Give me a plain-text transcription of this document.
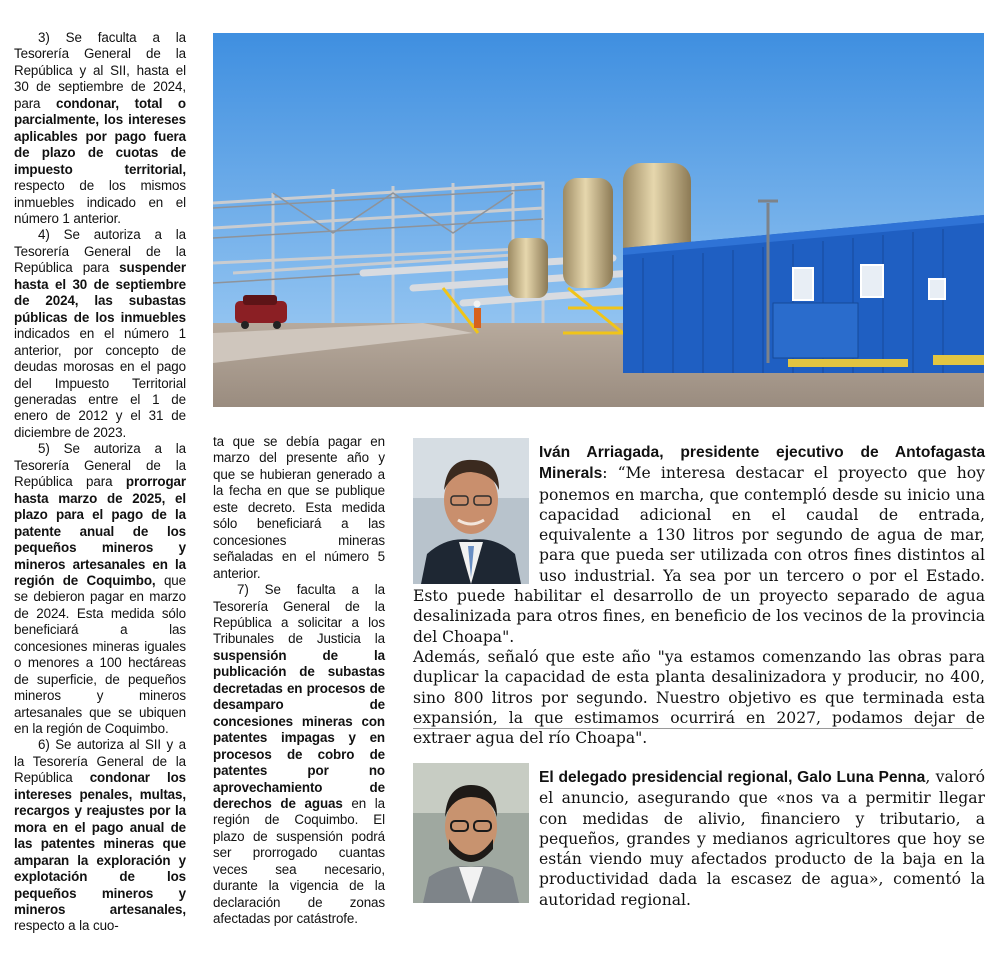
3) Se faculta a la Tesorería General de la República y al SII, hasta el 30 de septiembre de 2024, para condonar, total o parcialmente, los intereses aplicables por pago fuera de plazo de cuotas de impuesto territorial, respecto de los mismos inmuebles indicado en el número 1 anterior.

4) Se autoriza a la Tesorería General de la República para suspender hasta el 30 de septiembre de 2024, las subastas públicas de los inmuebles indicados en el número 1 anterior, por concepto de deudas morosas en el pago del Impuesto Territorial generadas entre el 1 de enero de 2012 y el 31 de diciembre de 2023.

5) Se autoriza a la Tesorería General de la República para prorrogar hasta marzo de 2025, el plazo para el pago de la patente anual de los pequeños mineros y mineros artesanales en la región de Coquimbo, que se debieron pagar en marzo de 2024. Esta medida sólo beneficiará a las concesiones mineras iguales o menores a 100 hectáreas de superficie, de pequeños mineros y mineros artesanales que se ubiquen en la región de Coquimbo.

6) Se autoriza al SII y a la Tesorería General de la República condonar los intereses penales, multas, recargos y reajustes por la mora en el pago anual de las patentes mineras que amparan la exploración y explotación de los pequeños mineros y mineros artesanales, respecto a la cuo-

ta que se debía pagar en marzo del presente año y que se hubieran generado a la fecha en que se publique este decreto. Esta medida sólo beneficiará a las concesiones mineras señaladas en el número 5 anterior.

7) Se faculta a la Tesorería General de la República a solicitar a los Tribunales de Justicia la suspensión de la publicación de subastas decretadas en procesos de desamparo de concesiones mineras con patentes impagas y en procesos de cobro de patentes por no aprovechamiento de derechos de aguas en la región de Coquimbo. El plazo de suspensión podrá ser prorrogado cuantas veces sea necesario, durante la vigencia de la declaración de zonas afectadas por catástrofe.

Iván Arriagada, presidente ejecutivo de Antofagasta Minerals: “Me interesa destacar el proyecto que hoy ponemos en marcha, que contempló desde su inicio una capacidad adicional en el caudal de entrada, equivalente a 130 litros por segundo de agua de mar, para que pueda ser utilizada con otros fines distintos al uso industrial. Ya sea por un tercero o por el Estado. Esto puede habilitar el desarrollo de un proyecto separado de agua desalinizada para otros fines, en beneficio de los vecinos de la provincia del Choapa".

Además, señaló que este año "ya estamos comenzando las obras para duplicar la capacidad de esta planta desalinizadora y producir, no 400, sino 800 litros por segundo. Nuestro objetivo es que terminada esta expansión, la que estimamos ocurrirá en 2027, podamos dejar de extraer agua del río Choapa".

El delegado presidencial regional, Galo Luna Penna, valoró el anuncio, asegurando que «nos va a permitir llegar con medidas de alivio, financiero y tributario, a pequeños, grandes y medianos agricultores que hoy se están viendo muy afectados producto de la baja en la productividad dada la escasez de agua», comentó la autoridad regional.
